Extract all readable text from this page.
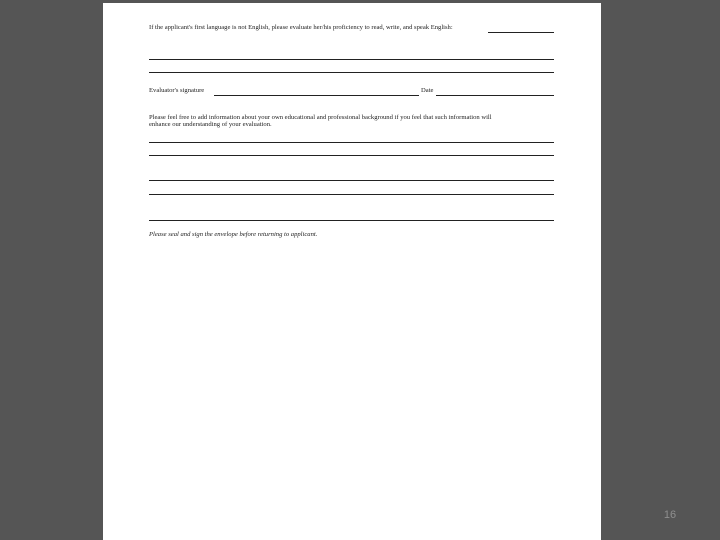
If the applicant's first language is not English, please evaluate her/his proficiency to read, write, and speak English:
Evaluator's signature	Date
Please feel free to add information about your own educational and professional background if you feel that such information will
enhance our understanding of your evaluation.
Please seal and sign the envelope before returning to applicant.
16
